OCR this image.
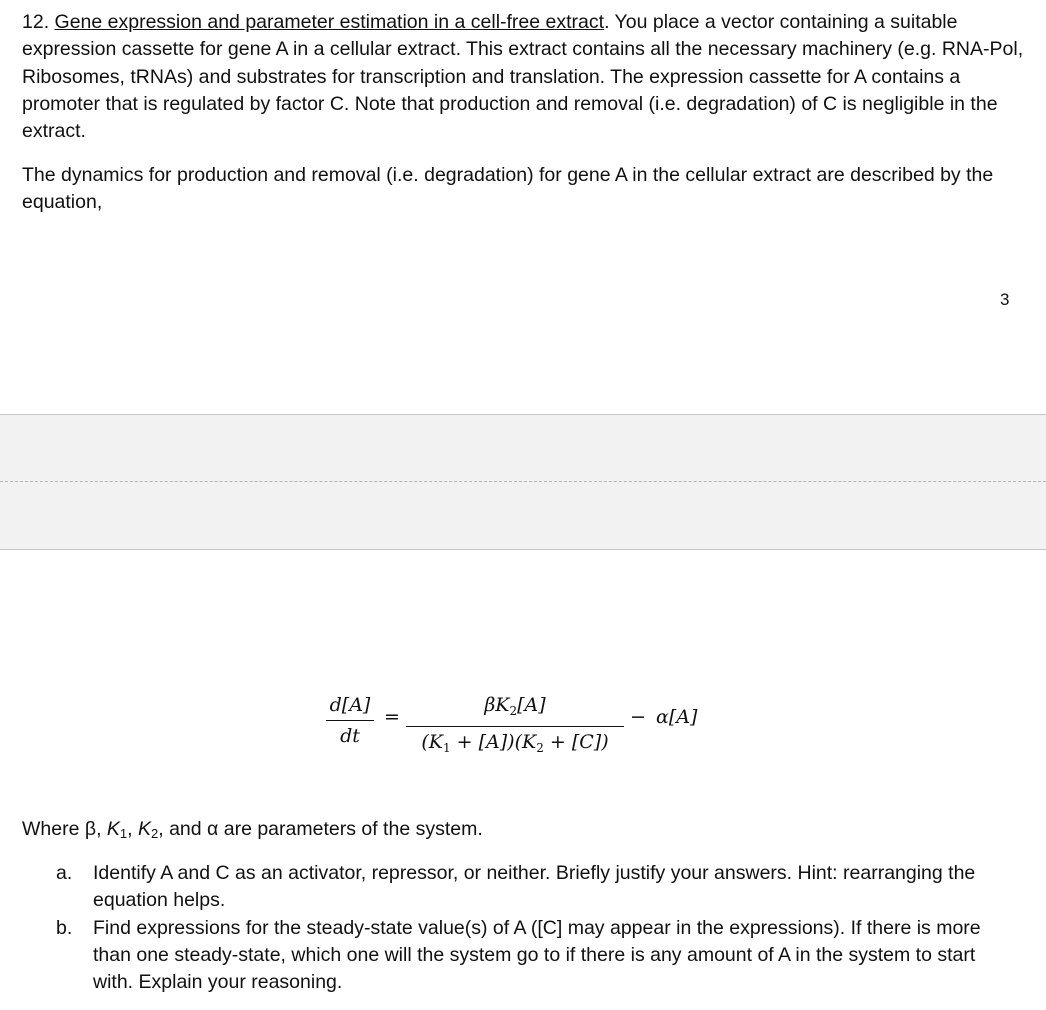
12. Gene expression and parameter estimation in a cell-free extract. You place a vector containing a suitable expression cassette for gene A in a cellular extract. This extract contains all the necessary machinery (e.g. RNA-Pol, Ribosomes, tRNAs) and substrates for transcription and translation. The expression cassette for A contains a promoter that is regulated by factor C. Note that production and removal (i.e. degradation) of C is negligible in the extract.

The dynamics for production and removal (i.e. degradation) for gene A in the cellular extract are described by the equation,

3
d[A]
dt
=
$\beta K_2[A]$
$(K_1 + [A])(K_2 + [C])$
− α[A]

Where β, K1, K2, and α are parameters of the system.

a. Identify A and C as an activator, repressor, or neither. Briefly justify your answers. Hint: rearranging the equation helps.
b. Find expressions for the steady-state value(s) of A ([C] may appear in the expressions). If there is more than one steady-state, which one will the system go to if there is any amount of A in the system to start with. Explain your reasoning.
